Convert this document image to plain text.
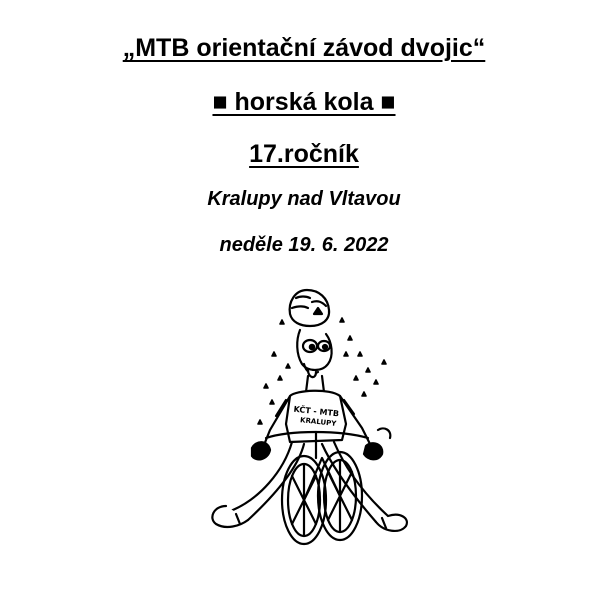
„MTB orientační závod dvojic“
■ horská kola ■
17.ročník
Kralupy nad Vltavou
neděle 19. 6. 2022
KČT - MTB
KRALUPY
